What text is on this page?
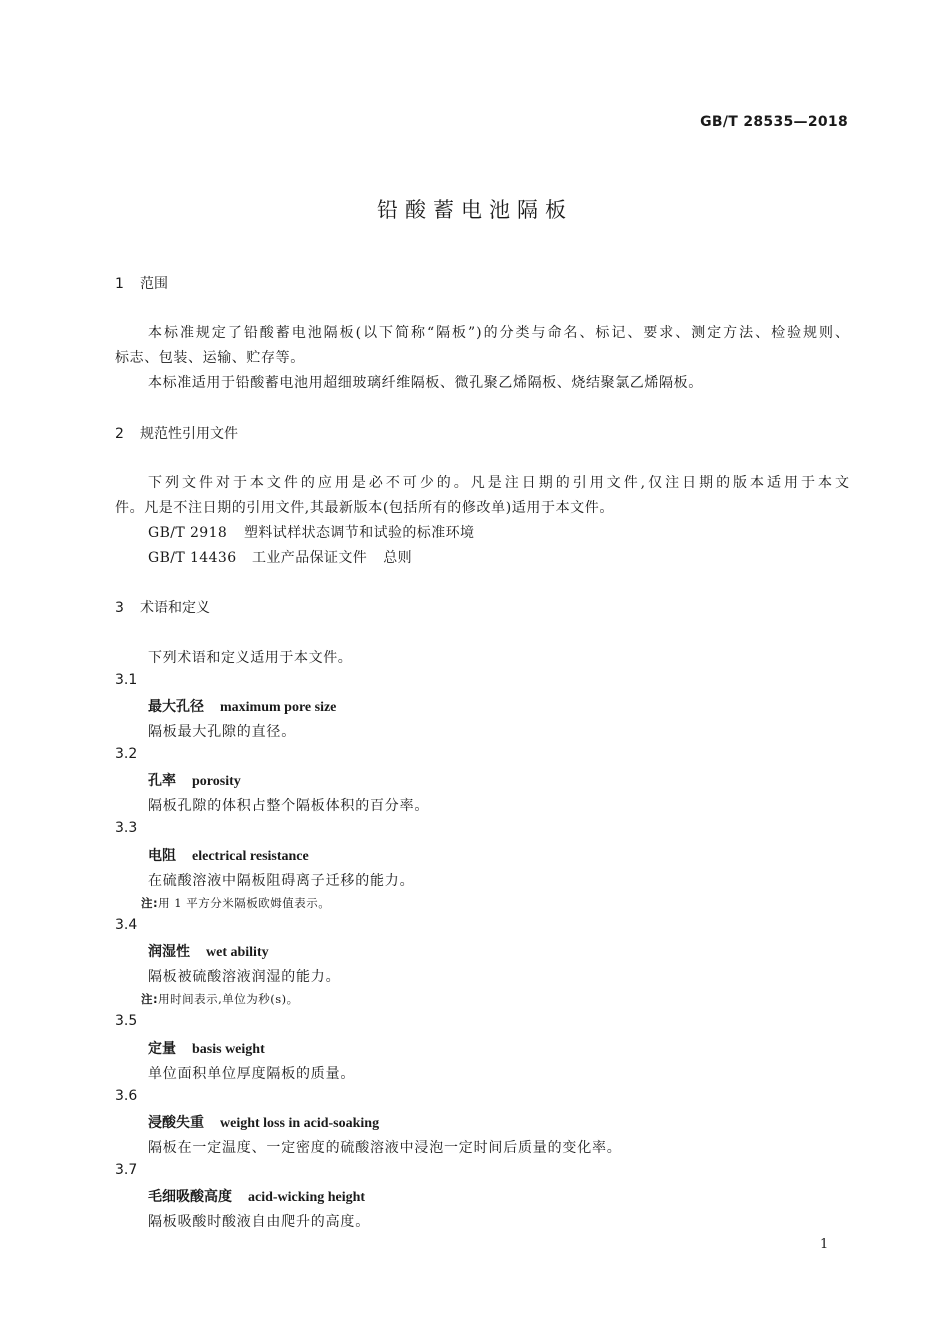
GB/T 28535—2018
铅酸蓄电池隔板
1 范围
本标准规定了铅酸蓄电池隔板(以下简称“隔板”)的分类与命名、标记、要求、测定方法、检验规则、
标志、包装、运输、贮存等。
本标准适用于铅酸蓄电池用超细玻璃纤维隔板、微孔聚乙烯隔板、烧结聚氯乙烯隔板。
2 规范性引用文件
下列文件对于本文件的应用是必不可少的。凡是注日期的引用文件,仅注日期的版本适用于本文
件。凡是不注日期的引用文件,其最新版本(包括所有的修改单)适用于本文件。
GB/T 2918 塑料试样状态调节和试验的标准环境
GB/T 14436 工业产品保证文件 总则
3 术语和定义
下列术语和定义适用于本文件。
3.1
最大孔径 maximum pore size
隔板最大孔隙的直径。
3.2
孔率 porosity
隔板孔隙的体积占整个隔板体积的百分率。
3.3
电阻 electrical resistance
在硫酸溶液中隔板阻碍离子迁移的能力。
注:用 1 平方分米隔板欧姆值表示。
3.4
润湿性 wet ability
隔板被硫酸溶液润湿的能力。
注:用时间表示,单位为秒(s)。
3.5
定量 basis weight
单位面积单位厚度隔板的质量。
3.6
浸酸失重 weight loss in acid-soaking
隔板在一定温度、一定密度的硫酸溶液中浸泡一定时间后质量的变化率。
3.7
毛细吸酸高度 acid-wicking height
隔板吸酸时酸液自由爬升的高度。
1
